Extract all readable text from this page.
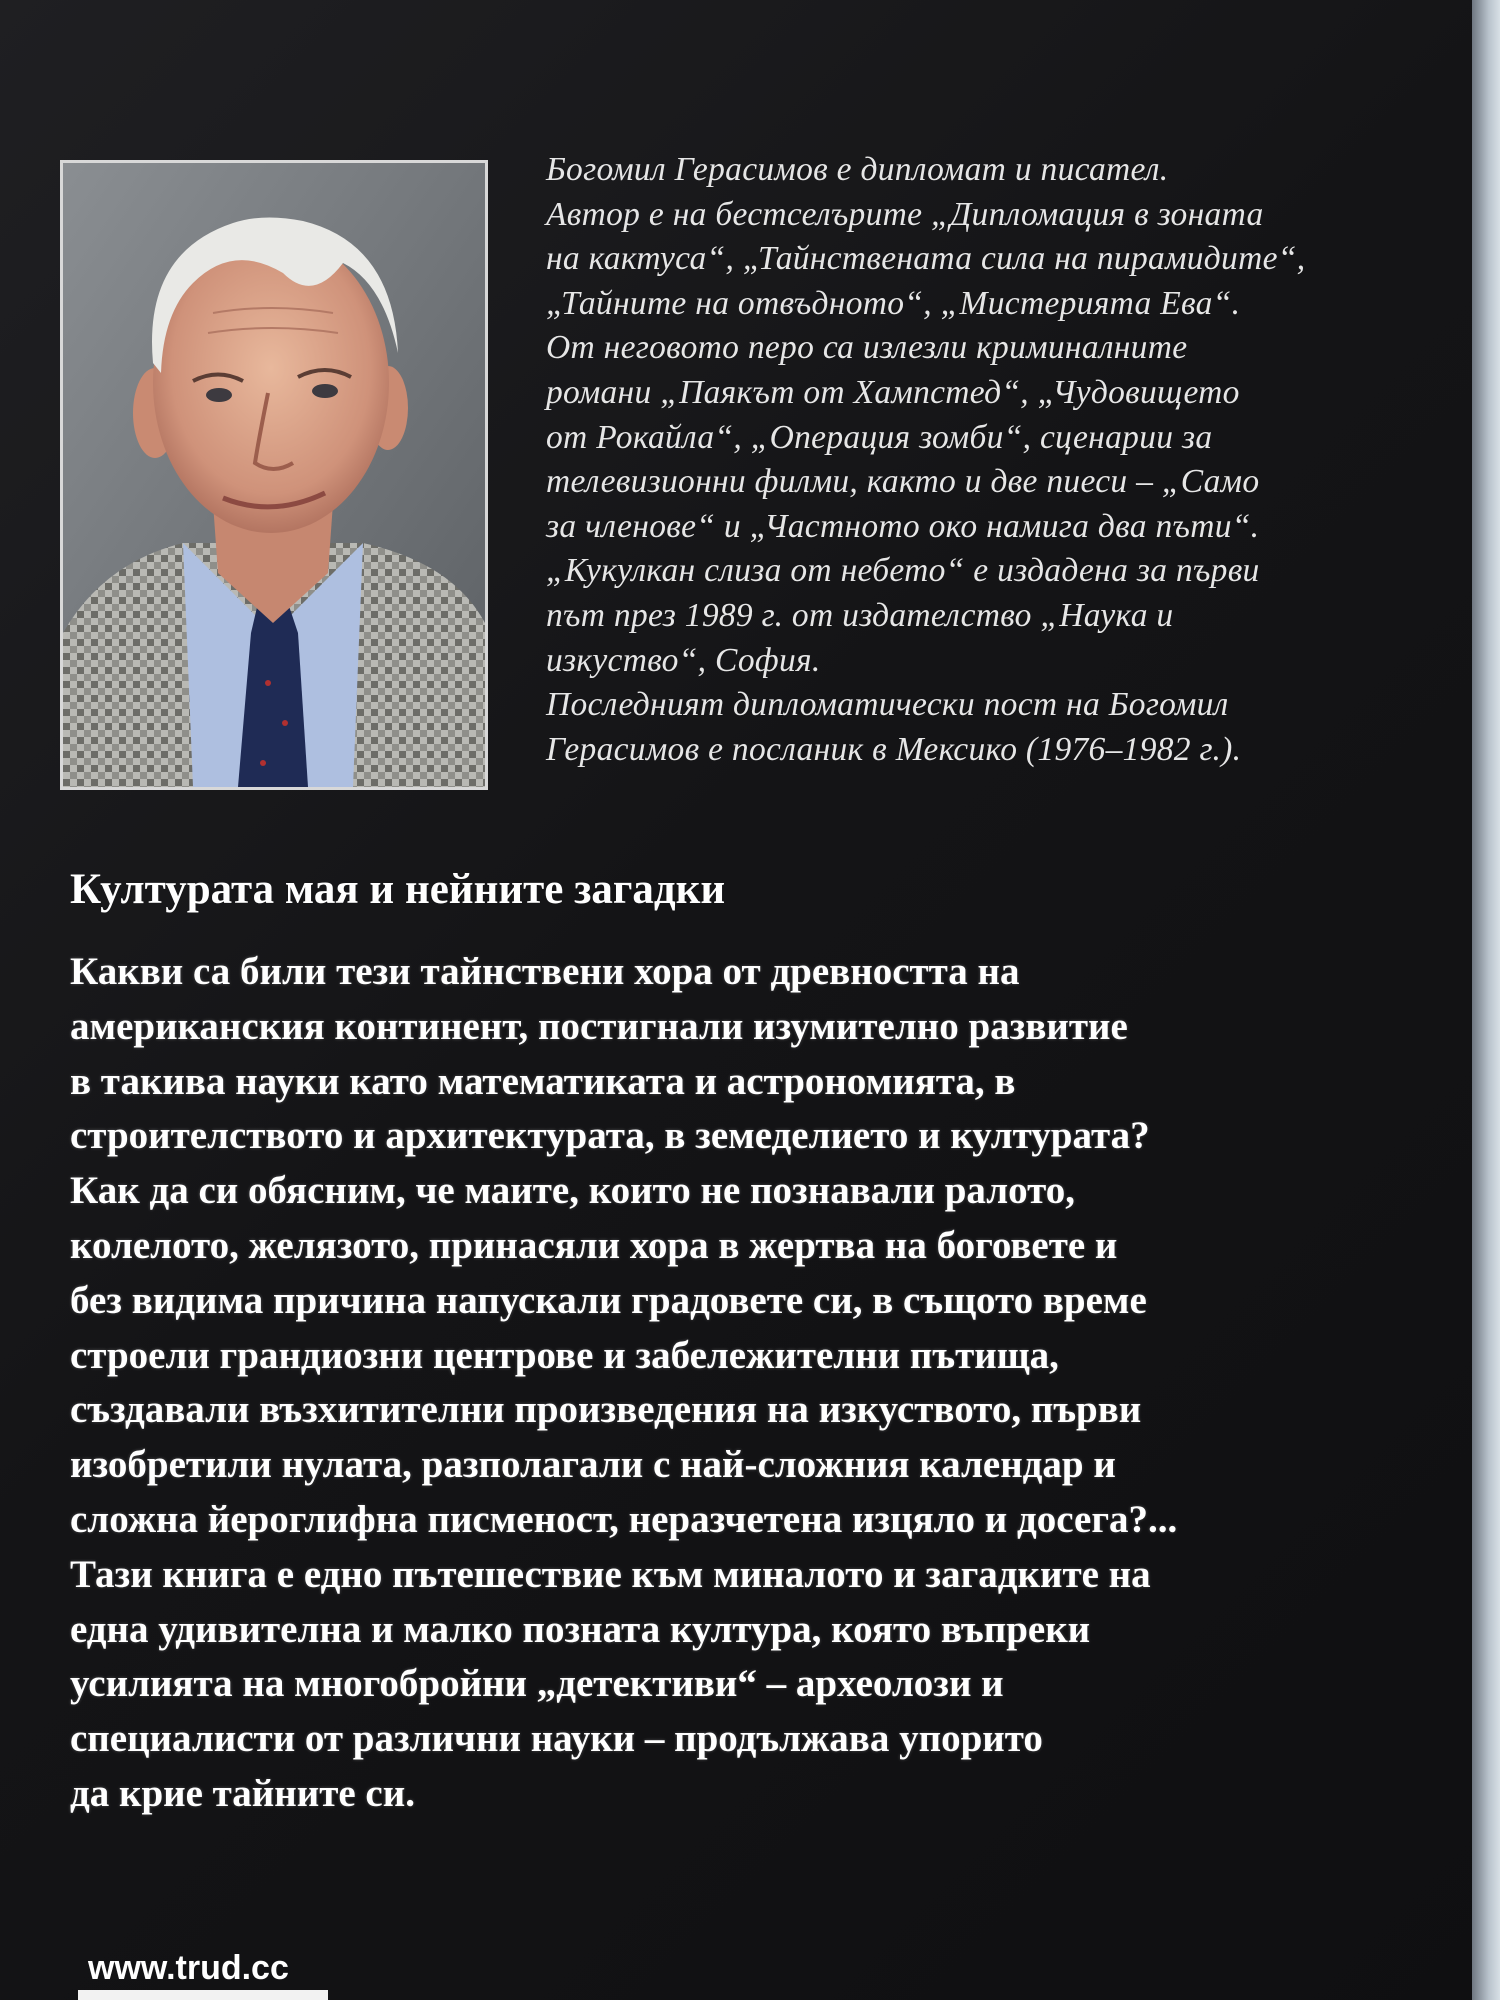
Богомил Герасимов е дипломат и писател.
Автор е на бестселърите „Дипломация в зоната
на кактуса“, „Тайнствената сила на пирамидите“,
„Тайните на отвъдното“, „Мистерията Ева“.
От неговото перо са излезли криминалните
романи „Паякът от Хампстед“, „Чудовището
от Рокайла“, „Операция зомби“, сценарии за
телевизионни филми, както и две пиеси – „Само
за членове“ и „Частното око намига два пъти“.
„Кукулкан слиза от небето“ е издадена за първи
път през 1989 г. от издателство „Наука и
изкуство“, София.
Последният дипломатически пост на Богомил
Герасимов е посланик в Мексико (1976–1982 г.).
Културата мая и нейните загадки
Какви са били тези тайнствени хора от древността на
американския континент, постигнали изумително развитие
в такива науки като математиката и астрономията, в
строителството и архитектурата, в земеделието и културата?
Как да си обясним, че маите, които не познавали ралото,
колелото, желязото, принасяли хора в жертва на боговете и
без видима причина напускали градовете си, в същото време
строели грандиозни центрове и забележителни пътища,
създавали възхитителни произведения на изкуството, първи
изобретили нулата, разполагали с най-сложния календар и
сложна йероглифна писменост, неразчетена изцяло и досега?...
Тази книга е едно пътешествие към миналото и загадките на
една удивителна и малко позната култура, която въпреки
усилията на многобройни „детективи“ – археолози и
специалисти от различни науки – продължава упорито
да крие тайните си.
www.trud.cc
